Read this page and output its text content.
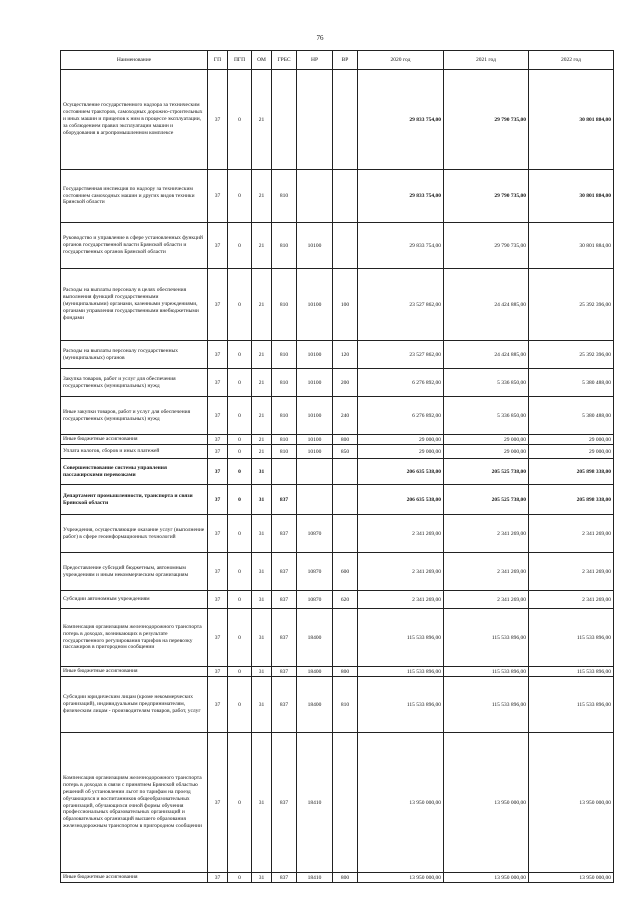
76
Наименование	ГП	ПГП	ОМ	ГРБС	НР	ВР	2020 год	2021 год	2022 год
Осуществление государственного надзора за техническим состоянием тракторов, самоходных дорожно-строительных и иных машин и прицепов к ним в процессе эксплуатации, за соблюдением правил эксплуатации машин и оборудования в агропромышленном комплексе	37	0	21				29 833 754,00	29 790 735,00	30 801 884,00
Государственная инспекция по надзору за техническим состоянием самоходных машин и других видов техники Брянской области	37	0	21	810			29 833 754,00	29 790 735,00	30 801 884,00
Руководство и управление в сфере установленных функций органов государственной власти Брянской области и государственных органов Брянской области	37	0	21	810	10100		29 833 754,00	29 790 735,00	30 801 884,00
Расходы на выплаты персоналу в целях обеспечения выполнения функций государственными (муниципальными) органами, казенными учреждениями, органами управления государственными внебюджетными фондами	37	0	21	810	10100	100	23 527 862,00	24 424 885,00	25 392 396,00
Расходы на выплаты персоналу государственных (муниципальных) органов	37	0	21	810	10100	120	23 527 862,00	24 424 885,00	25 392 396,00
Закупка товаров, работ и услуг для обеспечения государственных (муниципальных) нужд	37	0	21	810	10100	200	6 276 892,00	5 336 850,00	5 380 488,00
Иные закупки товаров, работ и услуг для обеспечения государственных (муниципальных) нужд	37	0	21	810	10100	240	6 276 892,00	5 336 850,00	5 380 488,00
Иные бюджетные ассигнования	37	0	21	810	10100	800	29 000,00	29 000,00	29 000,00
Уплата налогов, сборов и иных платежей	37	0	21	810	10100	850	29 000,00	29 000,00	29 000,00
Совершенствование системы управления пассажирскими перевозками	37	0	31				206 635 538,00	205 525 738,00	205 898 338,00
Департамент промышленности, транспорта и связи Брянской области	37	0	31	837			206 635 538,00	205 525 738,00	205 898 338,00
Учреждения, осуществляющие оказание услуг (выполнение работ) в сфере геоинформационных технологий	37	0	31	837	10870		2 341 269,00	2 341 269,00	2 341 269,00
Предоставление субсидий бюджетным, автономным учреждениям и иным некоммерческим организациям	37	0	31	837	10870	600	2 341 269,00	2 341 269,00	2 341 269,00
Субсидии автономным учреждениям	37	0	31	837	10870	620	2 341 269,00	2 341 269,00	2 341 269,00
Компенсация организациям железнодорожного транспорта потерь в доходах, возникающих в результате государственного регулирования тарифов на перевозку пассажиров в пригородном сообщении	37	0	31	837	18400		115 533 896,00	115 533 896,00	115 533 896,00
Иные бюджетные ассигнования	37	0	31	837	18400	800	115 533 896,00	115 533 896,00	115 533 896,00
Субсидии юридическим лицам (кроме некоммерческих организаций), индивидуальным предпринимателям, физическим лицам - производителям товаров, работ, услуг	37	0	31	837	18400	810	115 533 896,00	115 533 896,00	115 533 896,00
Компенсация организациям железнодорожного транспорта потерь в доходах в связи с принятием Брянской областью решений об установлении льгот по тарифам на проезд обучающихся и воспитанников общеобразовательных организаций, обучающихся очной формы обучения профессиональных образовательных организаций и образовательных организаций высшего образования железнодорожным транспортом в пригородном сообщении	37	0	31	837	18410		13 950 000,00	13 950 000,00	13 950 000,00
Иные бюджетные ассигнования	37	0	31	837	18410	800	13 950 000,00	13 950 000,00	13 950 000,00
